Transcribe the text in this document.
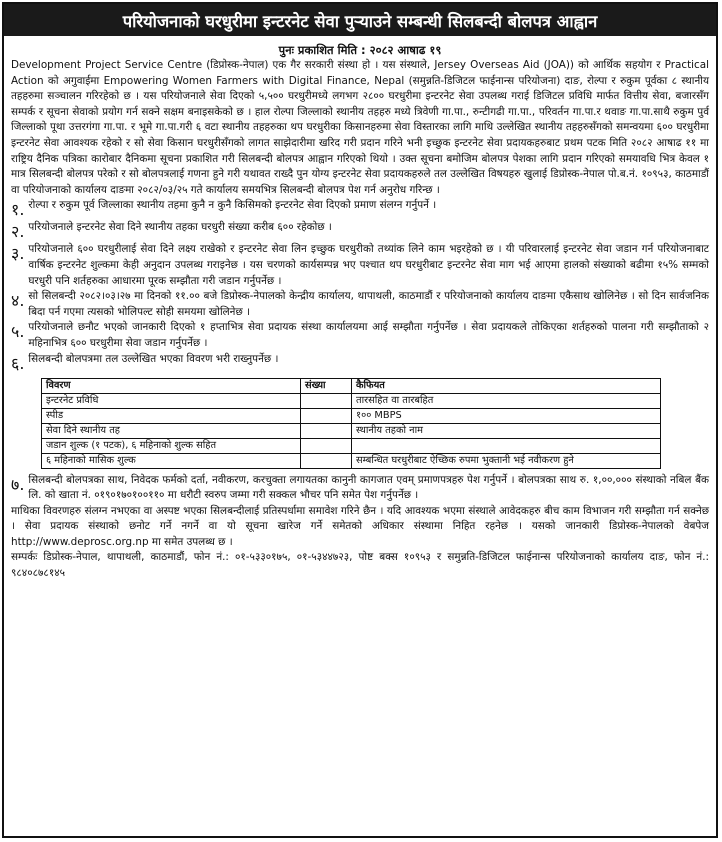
परियोजनाको घरधुरीमा इन्टरनेट सेवा पुऱ्याउने सम्बन्धी सिलबन्दी बोलपत्र आह्वान
पुनः प्रकाशित मिति : २०८२ आषाढ १९

Development Project Service Centre (डिप्रोस्क-नेपाल) एक गैर सरकारी संस्था हो । यस संस्थाले, Jersey Overseas Aid (JOA)) को आर्थिक सहयोग र Practical Action को अगुवाईमा Empowering Women Farmers with Digital Finance, Nepal (समुन्नति-डिजिटल फाईनान्स परियोजना) दाङ, रोल्पा र रुकुम पूर्वका ८ स्थानीय तहहरुमा सञ्चालन गरिरहेको छ । यस परियोजनाले सेवा दिएको ५,५०० घरधुरीमध्ये लगभग २८०० घरधुरीमा इन्टरनेट सेवा उपलब्ध गराई डिजिटल प्रविधि मार्फत वित्तीय सेवा, बजारसँग सम्पर्क र सूचना सेवाको प्रयोग गर्न सक्ने सक्षम बनाइसकेको छ । हाल रोल्पा जिल्लाको स्थानीय तहहरु मध्ये त्रिवेणी गा.पा., रुन्टीगढी गा.पा., परिवर्तन गा.पा.र थवाङ गा.पा.साथै रुकुम पुर्व जिल्लाको पूथा उत्तरगंगा गा.पा. र भूमे गा.पा.गरी ६ वटा स्थानीय तहहरुका थप घरधुरीका किसानहरुमा सेवा विस्तारका लागि माथि उल्लेखित स्थानीय तहहरुसँगको समन्वयमा ६०० घरधुरीमा इन्टरनेट सेवा आवश्यक रहेको र सो सेवा किसान घरधुरीसँगको लागत साझेदारीमा खरिद गरी प्रदान गरिने भनी इच्छुक इन्टरनेट सेवा प्रदायकहरुबाट प्रथम पटक मिति २०८२ आषाढ ११ मा राष्ट्रिय दैनिक पत्रिका कारोबार दैनिकमा सूचना प्रकाशित गरी सिलबन्दी बोलपत्र आह्वान गरिएको थियो । उक्त सूचना बमोजिम बोलपत्र पेशका लागि प्रदान गरिएको समयावधि भित्र केवल १ मात्र सिलबन्दी बोलपत्र परेको र सो बोलपत्रलाई गणना हुने गरी यथावत राख्दै पुन योग्य इन्टरनेट सेवा प्रदायकहरुले तल उल्लेखित विषयहरु खुलाई डिप्रोस्क-नेपाल पो.ब.नं. १०९५३, काठमाडौं वा परियोजनाको कार्यालय दाङमा २०८२/०३/२५ गते कार्यालय समयभित्र सिलबन्दी बोलपत्र पेश गर्न अनुरोध गरिन्छ ।

१. रोल्पा र रुकुम पूर्व जिल्लाका स्थानीय तहमा कुनै न कुनै किसिमको इन्टरनेट सेवा दिएको प्रमाण संलग्न गर्नुपर्ने ।
२. परियोजनाले इन्टरनेट सेवा दिने स्थानीय तहका घरधुरी संख्या करीब ६०० रहेकोछ ।
३. परियोजनाले ६०० घरधुरीलाई सेवा दिने लक्ष्य राखेको र इन्टरनेट सेवा लिन इच्छुक घरधुरीको तथ्यांक लिने काम भइरहेको छ । यी परिवारलाई इन्टरनेट सेवा जडान गर्न परियोजनाबाट वार्षिक इन्टरनेट शुल्कमा केही अनुदान उपलब्ध गराइनेछ । यस चरणको कार्यसम्पन्न भए पश्चात थप घरधुरीबाट इन्टरनेट सेवा माग भई आएमा हालको संख्याको बढीमा १५% सम्मको घरधुरी पनि शर्तहरुका आधारमा पूरक सम्झौता गरी जडान गर्नुपर्नेछ ।
४. सो सिलबन्दी २०८२।०३।२७ मा दिनको ११.०० बजे डिप्रोस्क-नेपालको केन्द्रीय कार्यालय, थापाथली, काठमाडौं र परियोजनाको कार्यालय दाङमा एकैसाथ खोलिनेछ । सो दिन सार्वजनिक बिदा पर्न गएमा त्यसको भोलिपल्ट सोही समयमा खोलिनेछ ।
५. परियोजनाले छनौट भएको जानकारी दिएको १ हप्ताभित्र सेवा प्रदायक संस्था कार्यालयमा आई सम्झौता गर्नुपर्नेछ । सेवा प्रदायकले तोकिएका शर्तहरुको पालना गरी सम्झौताको २ महिनाभित्र ६०० घरधुरीमा सेवा जडान गर्नुपर्नेछ ।
६. सिलबन्दी बोलपत्रमा तल उल्लेखित भएका विवरण भरी राख्नुपर्नेछ ।
विवरण	संख्या	कैफियत
इन्टरनेट प्रविधि		तारसहित वा तारबहित
स्पीड		१०० MBPS
सेवा दिने स्थानीय तह		स्थानीय तहको नाम
जडान शुल्क (१ पटक), ६ महिनाको शुल्क सहित		
६ महिनाको मासिक शुल्क		सम्बन्धित घरधुरीबाट ऐच्छिक रुपमा भुक्तानी भई नवीकरण हुने
७. सिलबन्दी बोलपत्रका साथ, निवेदक फर्मको दर्ता, नवीकरण, करचुक्ता लगायतका कानुनी कागजात एवम् प्रमाणपत्रहरु पेश गर्नुपर्ने । बोलपत्रका साथ रु. १,००,००० संस्थाको नबिल बैंक लि. को खाता नं. ०१९०१७०१००११० मा धरौटी स्वरुप जम्मा गरी सक्कल भौचर पनि समेत पेश गर्नुपर्नेछ ।

माथिका विवरणहरु संलग्न नभएका वा अस्पष्ट भएका सिलबन्दीलाई प्रतिस्पर्धामा समावेश गरिने छैन । यदि आवश्यक भएमा संस्थाले आवेदकहरु बीच काम विभाजन गरी सम्झौता गर्न सक्नेछ । सेवा प्रदायक संस्थाको छनोट गर्ने नगर्ने वा यो सूचना खारेज गर्ने समेतको अधिकार संस्थामा निहित रहनेछ । यसको जानकारी डिप्रोस्क-नेपालको वेबपेज http://www.deprosc.org.np मा समेत उपलब्ध छ ।

सम्पर्कः डिप्रोस्क-नेपाल, थापाथली, काठमाडौं, फोन नं.: ०१-५३३०१७५, ०१-५३४४७२३, पोष्ट बक्स १०९५३ र समुन्नति-डिजिटल फाईनान्स परियोजनाको कार्यालय दाङ, फोन नं.: ९८४०८७८१४५
